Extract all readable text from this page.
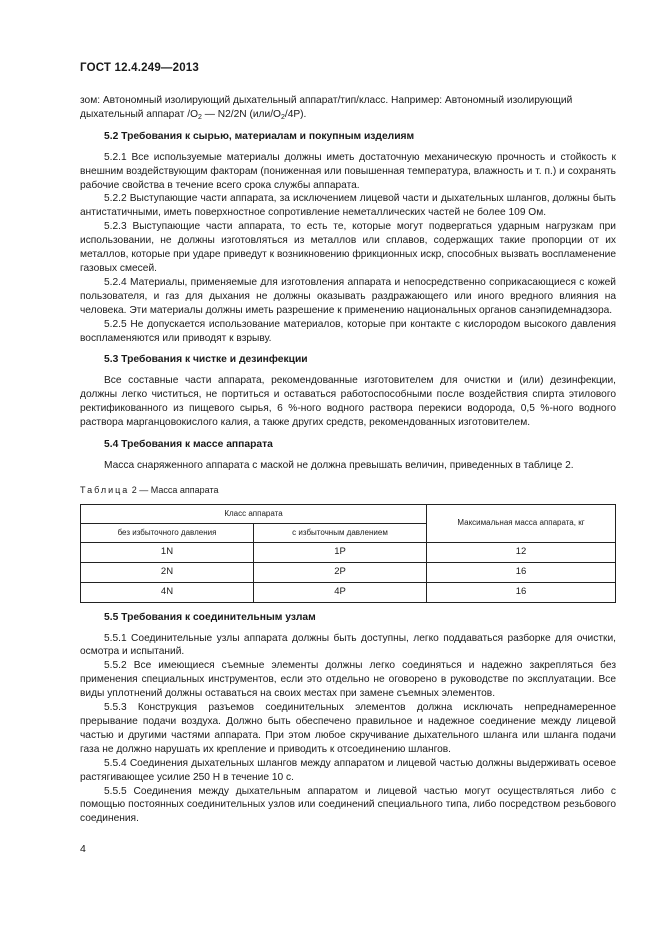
ГОСТ 12.4.249—2013

зом: Автономный изолирующий дыхательный аппарат/тип/класс. Например: Автономный изолирующий

дыхательный аппарат $/O_2$ — N2/2N $(или/O_2/4P)$.

5.2 Требования к сырью, материалам и покупным изделиям

5.2.1 Все используемые материалы должны иметь достаточную механическую прочность и стойкость к внешним воздействующим факторам (пониженная или повышенная температура, влажность и т. п.) и сохранять рабочие свойства в течение всего срока службы аппарата.

5.2.2 Выступающие части аппарата, за исключением лицевой части и дыхательных шлангов, должны быть антистатичными, иметь поверхностное сопротивление неметаллических частей не более 109 Ом.

5.2.3 Выступающие части аппарата, то есть те, которые могут подвергаться ударным нагрузкам при использовании, не должны изготовляться из металлов или сплавов, содержащих такие пропорции от их металлов, которые при ударе приведут к возникновению фрикционных искр, способных вызвать воспламенение газовых смесей.

5.2.4 Материалы, применяемые для изготовления аппарата и непосредственно соприкасающиеся с кожей пользователя, и газ для дыхания не должны оказывать раздражающего или иного вредного влияния на человека. Эти материалы должны иметь разрешение к применению национальных органов санэпидемнадзора.

5.2.5 Не допускается использование материалов, которые при контакте с кислородом высокого давления воспламеняются или приводят к взрыву.

5.3 Требования к чистке и дезинфекции

Все составные части аппарата, рекомендованные изготовителем для очистки и (или) дезинфекции, должны легко чиститься, не портиться и оставаться работоспособными после воздействия спирта этилового ректификованного из пищевого сырья, 6 %-ного водного раствора перекиси водорода, 0,5 %-ного водного раствора марганцовокислого калия, а также других средств, рекомендованных изготовителем.

5.4 Требования к массе аппарата

Масса снаряженного аппарата с маской не должна превышать величин, приведенных в таблице 2.

Таблица 2 — Масса аппарата
Класс аппарата		Максимальная масса аппарата, кг
без избыточного давления	с избыточным давлением	
1N	1P	12
2N	2P	16
4N	4P	16
5.5 Требования к соединительным узлам

5.5.1 Соединительные узлы аппарата должны быть доступны, легко поддаваться разборке для очистки, осмотра и испытаний.

5.5.2 Все имеющиеся съемные элементы должны легко соединяться и надежно закрепляться без применения специальных инструментов, если это отдельно не оговорено в руководстве по эксплуатации. Все виды уплотнений должны оставаться на своих местах при замене съемных элементов.

5.5.3 Конструкция разъемов соединительных элементов должна исключать непреднамеренное прерывание подачи воздуха. Должно быть обеспечено правильное и надежное соединение между лицевой частью и другими частями аппарата. При этом любое скручивание дыхательного шланга или шланга подачи газа не должно нарушать их крепление и приводить к отсоединению шлангов.

5.5.4 Соединения дыхательных шлангов между аппаратом и лицевой частью должны выдерживать осевое растягивающее усилие 250 Н в течение 10 с.

5.5.5 Соединения между дыхательным аппаратом и лицевой частью могут осуществляться либо с помощью постоянных соединительных узлов или соединений специального типа, либо посредством резьбового соединения.

4
